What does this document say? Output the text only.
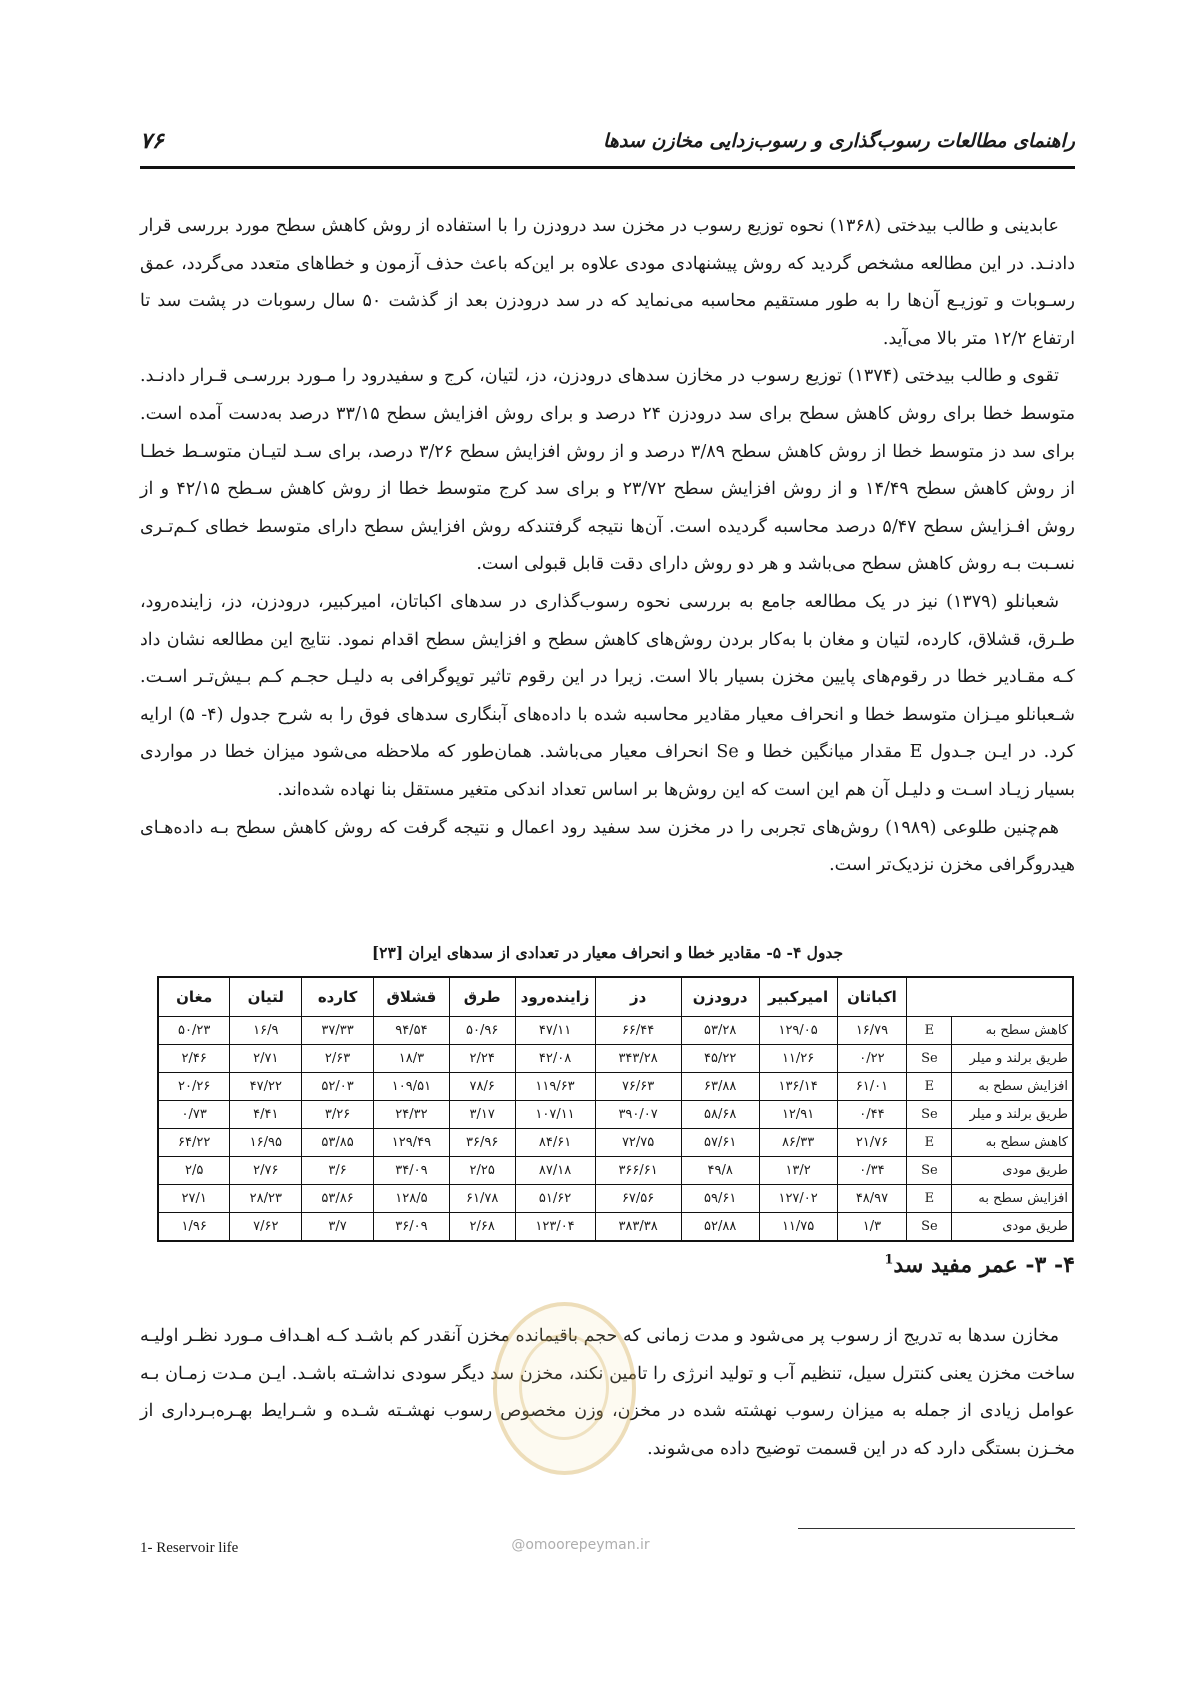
۷۶	راهنمای مطالعات رسوب‌گذاری و رسوب‌زدایی مخازن سدها

عابدینی و طالب بیدختی (۱۳۶۸) نحوه توزیع رسوب در مخزن سد درودزن را با استفاده از روش کاهش سطح مورد بررسی قرار دادنـد. در این مطالعه مشخص گردید که روش پیشنهادی مودی علاوه بر این‌که باعث حذف آزمون و خطاهای متعدد می‌گردد، عمق رسـوبات و توزیـع آن‌ها را به طور مستقیم محاسبه می‌نماید که در سد درودزن بعد از گذشت ۵۰ سال رسوبات در پشت سد تا ارتفاع ۱۲/۲ متر بالا می‌آید.

تقوی و طالب بیدختی (۱۳۷۴) توزیع رسوب در مخازن سدهای درودزن، دز، لتیان، کرج و سفیدرود را مـورد بررسـی قـرار دادنـد. متوسط خطا برای روش کاهش سطح برای سد درودزن ۲۴ درصد و برای روش افزایش سطح ۳۳/۱۵ درصد به‌دست آمده است. برای سد دز متوسط خطا از روش کاهش سطح ۳/۸۹ درصد و از روش افزایش سطح ۳/۲۶ درصد، برای سـد لتیـان متوسـط خطـا از روش کاهش سطح ۱۴/۴۹ و از روش افزایش سطح ۲۳/۷۲ و برای سد کرج متوسط خطا از روش کاهش سـطح ۴۲/۱۵ و از روش افـزایش سطح ۵/۴۷ درصد محاسبه گردیده است. آن‌ها نتیجه گرفتندکه روش افزایش سطح دارای متوسط خطای کـم‌تـری نسـبت بـه روش کاهش سطح می‌باشد و هر دو روش دارای دقت قابل قبولی است.

شعبانلو (۱۳۷۹) نیز در یک مطالعه جامع به بررسی نحوه رسوب‌گذاری در سدهای اکباتان، امیرکبیر، درودزن، دز، زاینده‌رود، طـرق، قشلاق، کارده، لتیان و مغان با به‌کار بردن روش‌های کاهش سطح و افزایش سطح اقدام نمود. نتایج این مطالعه نشان داد کـه مقـادیر خطا در رقوم‌های پایین مخزن بسیار بالا است. زیرا در این رقوم تاثیر توپوگرافی به دلیـل حجـم کـم بـیش‌تـر اسـت. شـعبانلو میـزان متوسط خطا و انحراف معیار مقادیر محاسبه شده با داده‌های آبنگاری سدهای فوق را به شرح جدول (۴- ۵) ارایه کرد. در ایـن جـدول E مقدار میانگین خطا و Se انحراف معیار می‌باشد. همان‌طور که ملاحظه می‌شود میزان خطا در مواردی بسیار زیـاد اسـت و دلیـل آن هم این است که این روش‌ها بر اساس تعداد اندکی متغیر مستقل بنا نهاده شده‌اند.

هم‌چنین طلوعی (۱۹۸۹) روش‌های تجربی را در مخزن سد سفید رود اعمال و نتیجه گرفت که روش کاهش سطح بـه داده‌هـای هیدروگرافی مخزن نزدیک‌تر است.

جدول ۴- ۵- مقادیر خطا و انحراف معیار در تعدادی از سدهای ایران [۲۳]
		اکباتان	امیرکبیر	درودزن	دز	زاینده‌رود	طرق	قشلاق	کارده	لتیان	مغان
کاهش سطح به	E	۱۶/۷۹	۱۲۹/۰۵	۵۳/۲۸	۶۶/۴۴	۴۷/۱۱	۵۰/۹۶	۹۴/۵۴	۳۷/۳۳	۱۶/۹	۵۰/۲۳
طریق برلند و میلر	Se	۰/۲۲	۱۱/۲۶	۴۵/۲۲	۳۴۳/۲۸	۴۲/۰۸	۲/۲۴	۱۸/۳	۲/۶۳	۲/۷۱	۲/۴۶
افزایش سطح به	E	۶۱/۰۱	۱۳۶/۱۴	۶۳/۸۸	۷۶/۶۳	۱۱۹/۶۳	۷۸/۶	۱۰۹/۵۱	۵۲/۰۳	۴۷/۲۲	۲۰/۲۶
طریق برلند و میلر	Se	۰/۴۴	۱۲/۹۱	۵۸/۶۸	۳۹۰/۰۷	۱۰۷/۱۱	۳/۱۷	۲۴/۳۲	۳/۲۶	۴/۴۱	۰/۷۳
کاهش سطح به	E	۲۱/۷۶	۸۶/۳۳	۵۷/۶۱	۷۲/۷۵	۸۴/۶۱	۳۶/۹۶	۱۲۹/۴۹	۵۳/۸۵	۱۶/۹۵	۶۴/۲۲
طریق مودی	Se	۰/۳۴	۱۳/۲	۴۹/۸	۳۶۶/۶۱	۸۷/۱۸	۲/۲۵	۳۴/۰۹	۳/۶	۲/۷۶	۲/۵
افزایش سطح به	E	۴۸/۹۷	۱۲۷/۰۲	۵۹/۶۱	۶۷/۵۶	۵۱/۶۲	۶۱/۷۸	۱۲۸/۵	۵۳/۸۶	۲۸/۲۳	۲۷/۱
طریق مودی	Se	۱/۳	۱۱/۷۵	۵۲/۸۸	۳۸۳/۳۸	۱۲۳/۰۴	۲/۶۸	۳۶/۰۹	۳/۷	۷/۶۲	۱/۹۶
۴- ۳- عمر مفید سد$^1$

مخازن سدها به تدریج از رسوب پر می‌شود و مدت زمانی که حجم باقیمانده مخزن آنقدر کم باشـد کـه اهـداف مـورد نظـر اولیـه ساخت مخزن یعنی کنترل سیل، تنظیم آب و تولید انرژی را تامین نکند، مخزن سد دیگر سودی نداشـته باشـد. ایـن مـدت زمـان بـه عوامل زیادی از جمله به میزان رسوب نهشته شده در مخزن، وزن مخصوص رسوب نهشـته شـده و شـرایط بهـره‌بـرداری از مخـزن بستگی دارد که در این قسمت توضیح داده می‌شوند.

1- Reservoir life	@omoorepeyman.ir
